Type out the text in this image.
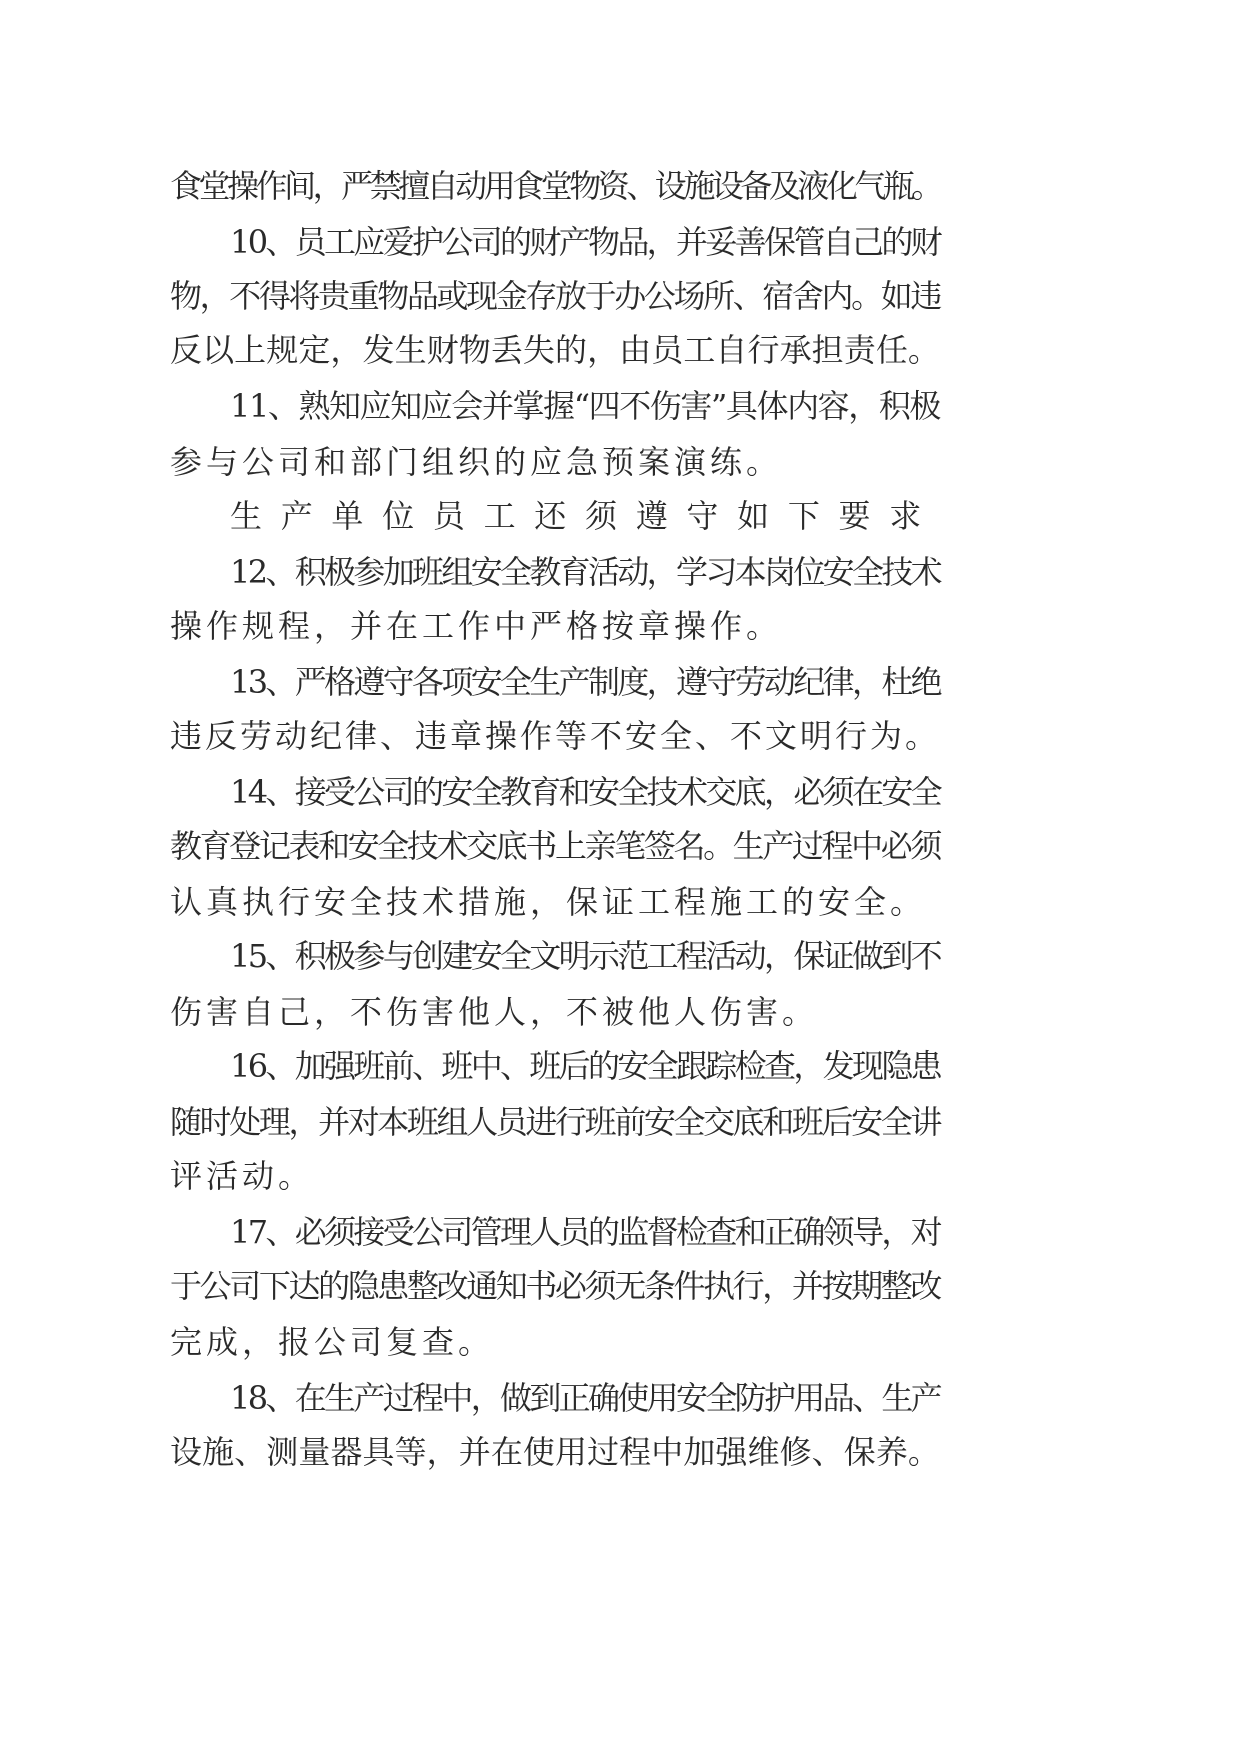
食堂操作间，严禁擅自动用食堂物资、设施设备及液化气瓶。
10、员工应爱护公司的财产物品，并妥善保管自己的财
物，不得将贵重物品或现金存放于办公场所、宿舍内。如违
反以上规定，发生财物丢失的，由员工自行承担责任。
11、熟知应知应会并掌握“四不伤害”具体内容，积极
参与公司和部门组织的应急预案演练。
生产单位员工还须遵守如下要求
12、积极参加班组安全教育活动，学习本岗位安全技术
操作规程，并在工作中严格按章操作。
13、严格遵守各项安全生产制度，遵守劳动纪律，杜绝
违反劳动纪律、违章操作等不安全、不文明行为。
14、接受公司的安全教育和安全技术交底，必须在安全
教育登记表和安全技术交底书上亲笔签名。生产过程中必须
认真执行安全技术措施，保证工程施工的安全。
15、积极参与创建安全文明示范工程活动，保证做到不
伤害自己，不伤害他人，不被他人伤害。
16、加强班前、班中、班后的安全跟踪检查，发现隐患
随时处理，并对本班组人员进行班前安全交底和班后安全讲
评活动。
17、必须接受公司管理人员的监督检查和正确领导，对
于公司下达的隐患整改通知书必须无条件执行，并按期整改
完成，报公司复查。
18、在生产过程中，做到正确使用安全防护用品、生产
设施、测量器具等，并在使用过程中加强维修、保养。
